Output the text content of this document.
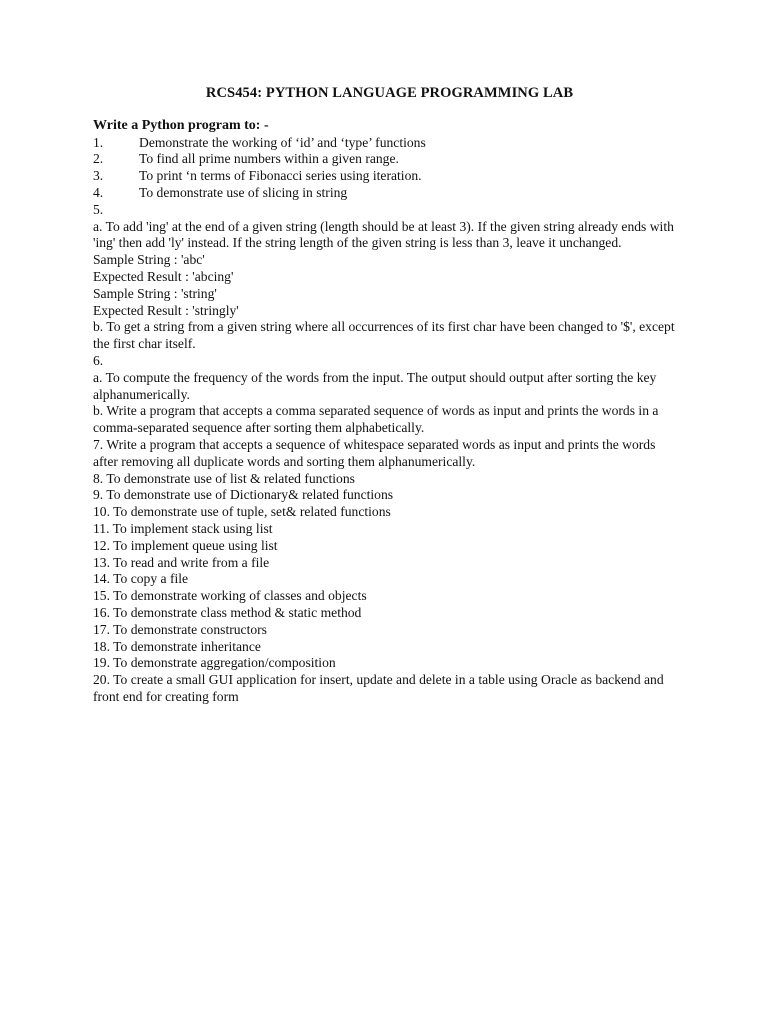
RCS454: PYTHON LANGUAGE PROGRAMMING LAB
Write a Python program to: -
1.	Demonstrate the working of ‘id’ and ‘type’ functions
2.	To find all prime numbers within a given range.
3.	To print ‘n terms of Fibonacci series using iteration.
4.	To demonstrate use of slicing in string
5.
a. To add 'ing' at the end of a given string (length should be at least 3). If the given string already ends with 'ing' then add 'ly' instead. If the string length of the given string is less than 3, leave it unchanged.
Sample String : 'abc'
Expected Result : 'abcing'
Sample String : 'string'
Expected Result : 'stringly'
b. To get a string from a given string where all occurrences of its first char have been changed to '$', except the first char itself.
6.
a. To compute the frequency of the words from the input. The output should output after sorting the key alphanumerically.
b. Write a program that accepts a comma separated sequence of words as input and prints the words in a comma-separated sequence after sorting them alphabetically.
7. Write a program that accepts a sequence of whitespace separated words as input and prints the words after removing all duplicate words and sorting them alphanumerically.
8. To demonstrate use of list & related functions
9. To demonstrate use of Dictionary& related functions
10. To demonstrate use of tuple, set& related functions
11. To implement stack using list
12. To implement queue using list
13. To read and write from a file
14. To copy a file
15. To demonstrate working of classes and objects
16. To demonstrate class method & static method
17. To demonstrate constructors
18. To demonstrate inheritance
19. To demonstrate aggregation/composition
20. To create a small GUI application for insert, update and delete in a table using Oracle as backend and front end for creating form
